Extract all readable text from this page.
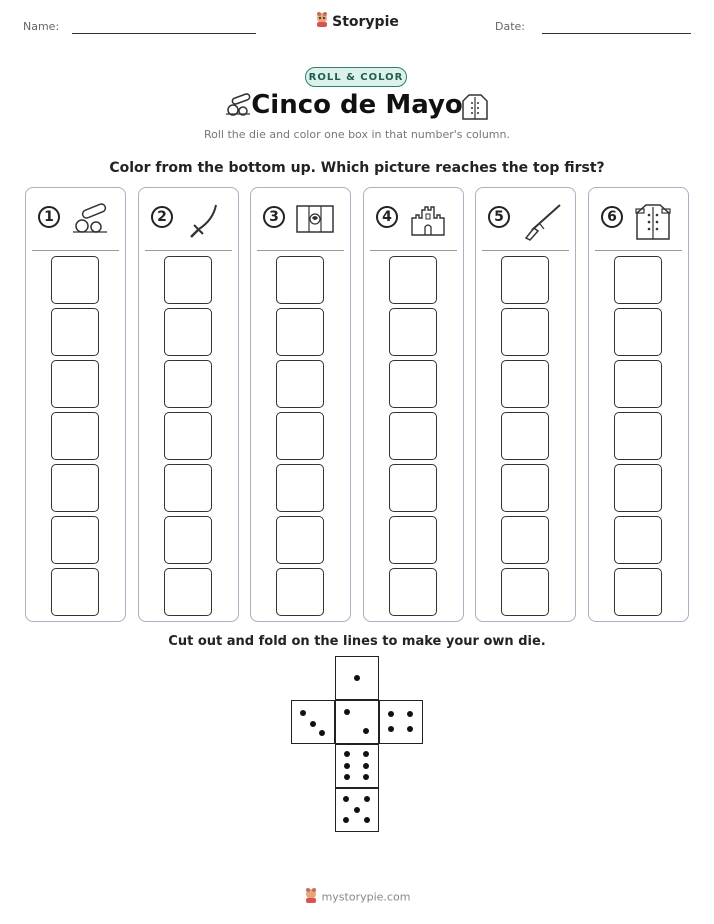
Name:	Storypie	Date:
ROLL & COLOR
Cinco de Mayo
Roll the die and color one box in that number's column.
Color from the bottom up. Which picture reaches the top first?
1	2	3	4	5	6
Cut out and fold on the lines to make your own die.
mystorypie.com
